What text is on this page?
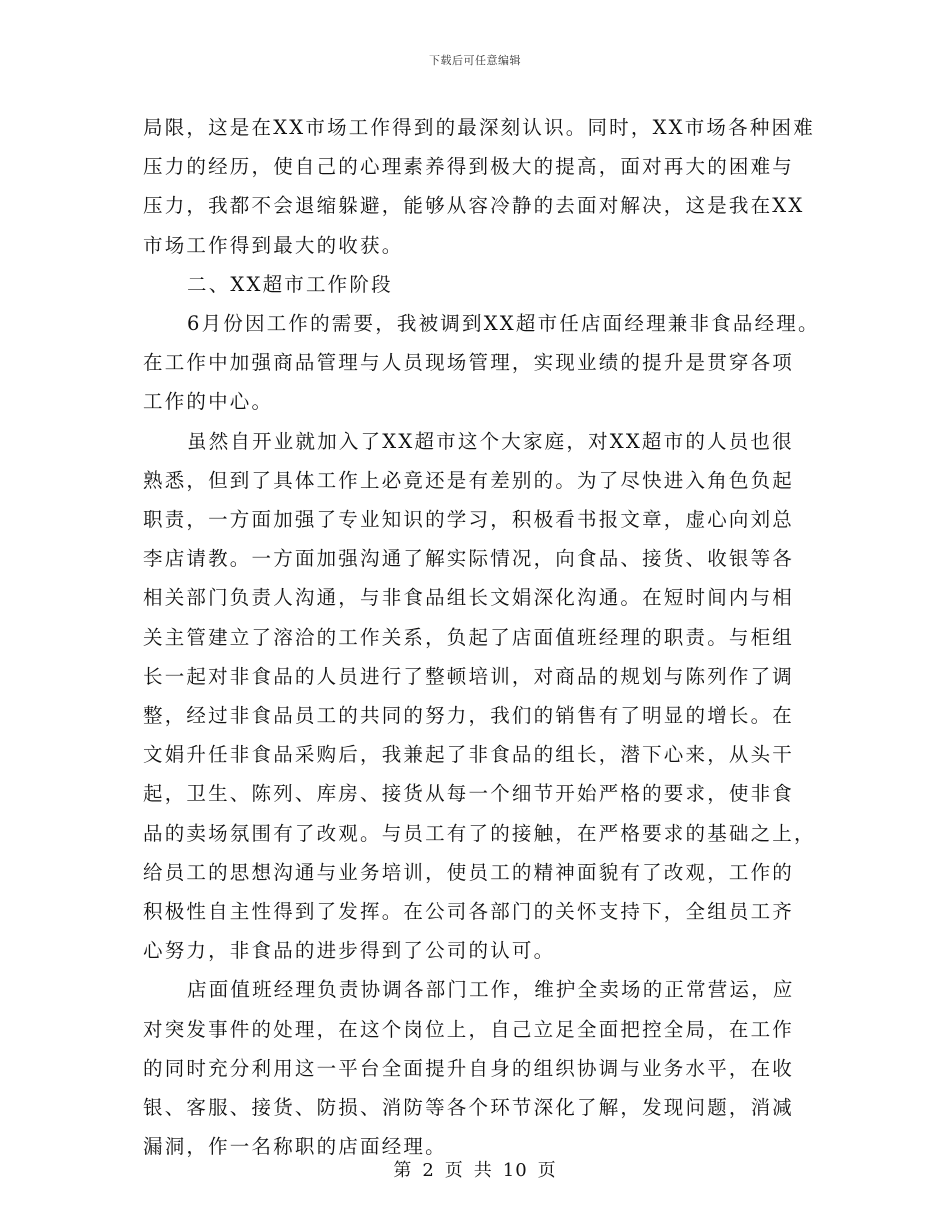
下载后可任意编辑
局限，这是在XX市场工作得到的最深刻认识。同时，XX市场各种困难
压力的经历，使自己的心理素养得到极大的提高，面对再大的困难与
压力，我都不会退缩躲避，能够从容冷静的去面对解决，这是我在XX
市场工作得到最大的收获。
二、XX超市工作阶段
6月份因工作的需要，我被调到XX超市任店面经理兼非食品经理。
在工作中加强商品管理与人员现场管理，实现业绩的提升是贯穿各项
工作的中心。
虽然自开业就加入了XX超市这个大家庭，对XX超市的人员也很
熟悉，但到了具体工作上必竟还是有差别的。为了尽快进入角色负起
职责，一方面加强了专业知识的学习，积极看书报文章，虚心向刘总
李店请教。一方面加强沟通了解实际情况，向食品、接货、收银等各
相关部门负责人沟通，与非食品组长文娟深化沟通。在短时间内与相
关主管建立了溶洽的工作关系，负起了店面值班经理的职责。与柜组
长一起对非食品的人员进行了整顿培训，对商品的规划与陈列作了调
整，经过非食品员工的共同的努力，我们的销售有了明显的增长。在
文娟升任非食品采购后，我兼起了非食品的组长，潜下心来，从头干
起，卫生、陈列、库房、接货从每一个细节开始严格的要求，使非食
品的卖场氛围有了改观。与员工有了的接触，在严格要求的基础之上，
给员工的思想沟通与业务培训，使员工的精神面貌有了改观，工作的
积极性自主性得到了发挥。在公司各部门的关怀支持下，全组员工齐
心努力，非食品的进步得到了公司的认可。
店面值班经理负责协调各部门工作，维护全卖场的正常营运，应
对突发事件的处理，在这个岗位上，自己立足全面把控全局，在工作
的同时充分利用这一平台全面提升自身的组织协调与业务水平，在收
银、客服、接货、防损、消防等各个环节深化了解，发现问题，消减
漏洞，作一名称职的店面经理。
第 2 页 共 10 页
